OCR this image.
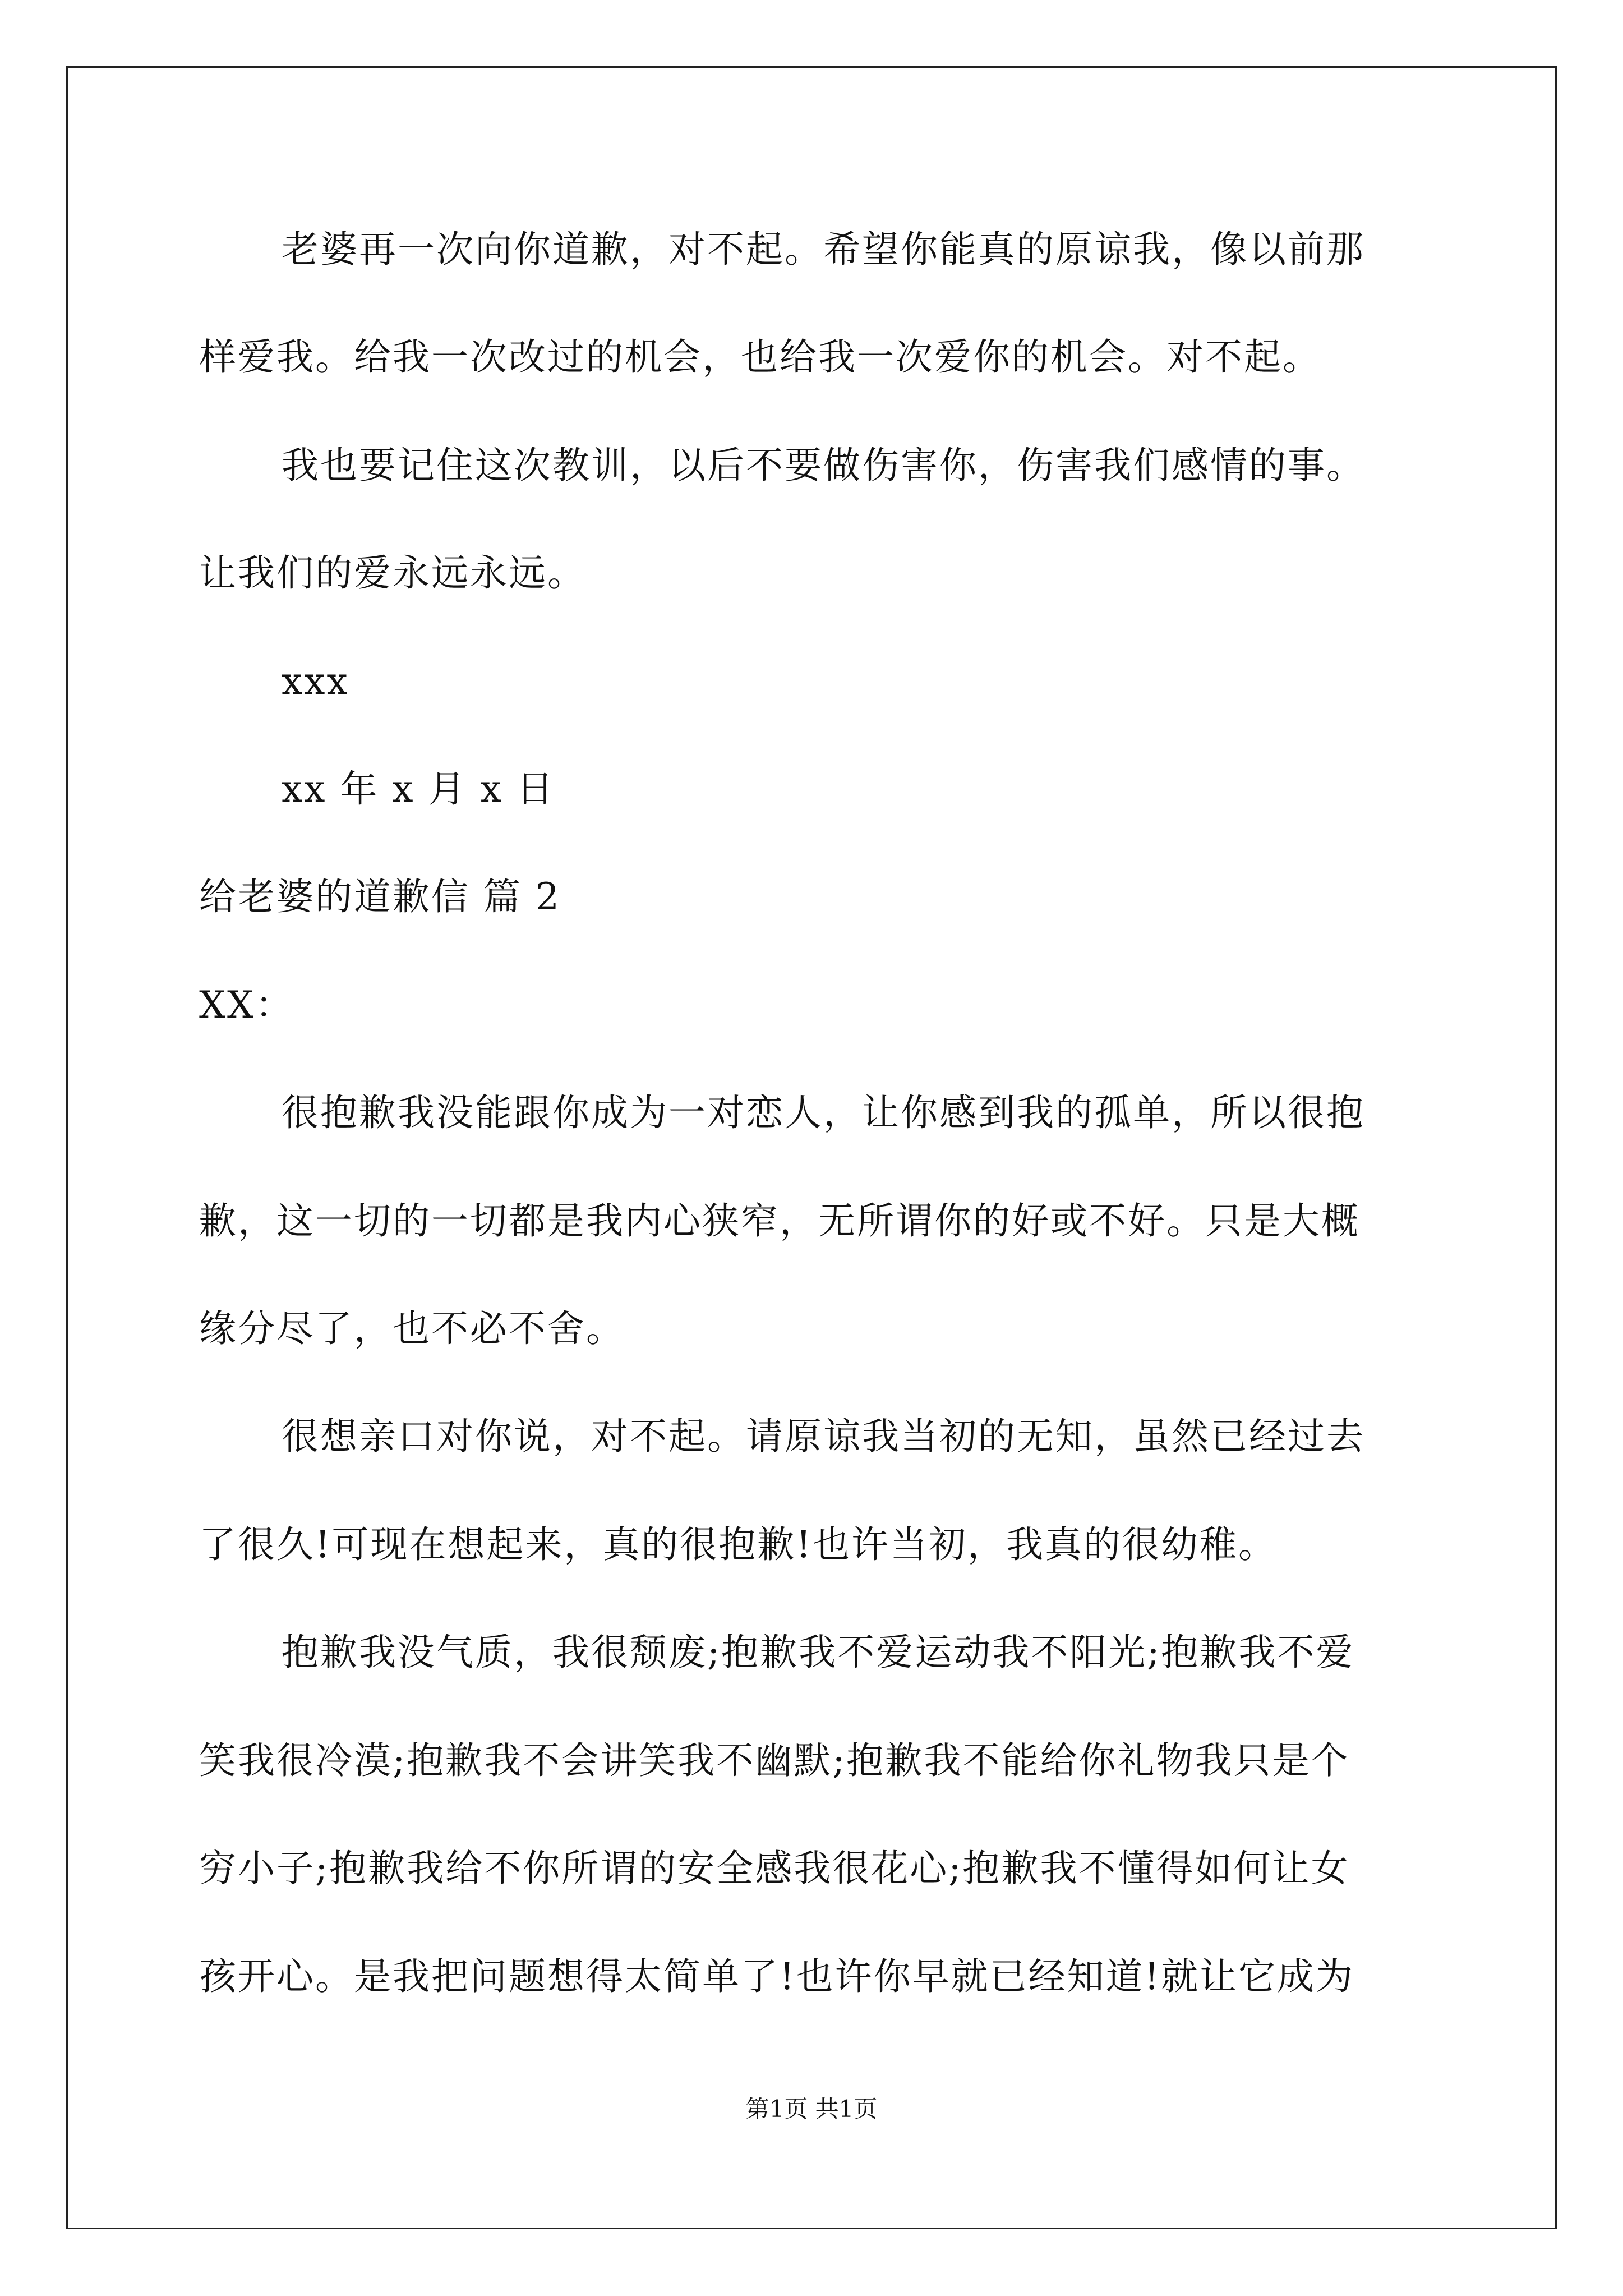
老婆再一次向你道歉，对不起。希望你能真的原谅我，像以前那
样爱我。给我一次改过的机会，也给我一次爱你的机会。对不起。
我也要记住这次教训，以后不要做伤害你，伤害我们感情的事。
让我们的爱永远永远。
xxx
xx 年 x 月 x 日
给老婆的道歉信 篇 2
XX：
很抱歉我没能跟你成为一对恋人，让你感到我的孤单，所以很抱
歉，这一切的一切都是我内心狭窄，无所谓你的好或不好。只是大概
缘分尽了，也不必不舍。
很想亲口对你说，对不起。请原谅我当初的无知，虽然已经过去
了很久!可现在想起来，真的很抱歉!也许当初，我真的很幼稚。
抱歉我没气质，我很颓废;抱歉我不爱运动我不阳光;抱歉我不爱
笑我很冷漠;抱歉我不会讲笑我不幽默;抱歉我不能给你礼物我只是个
穷小子;抱歉我给不你所谓的安全感我很花心;抱歉我不懂得如何让女
孩开心。是我把问题想得太简单了!也许你早就已经知道!就让它成为
第1页 共1页
